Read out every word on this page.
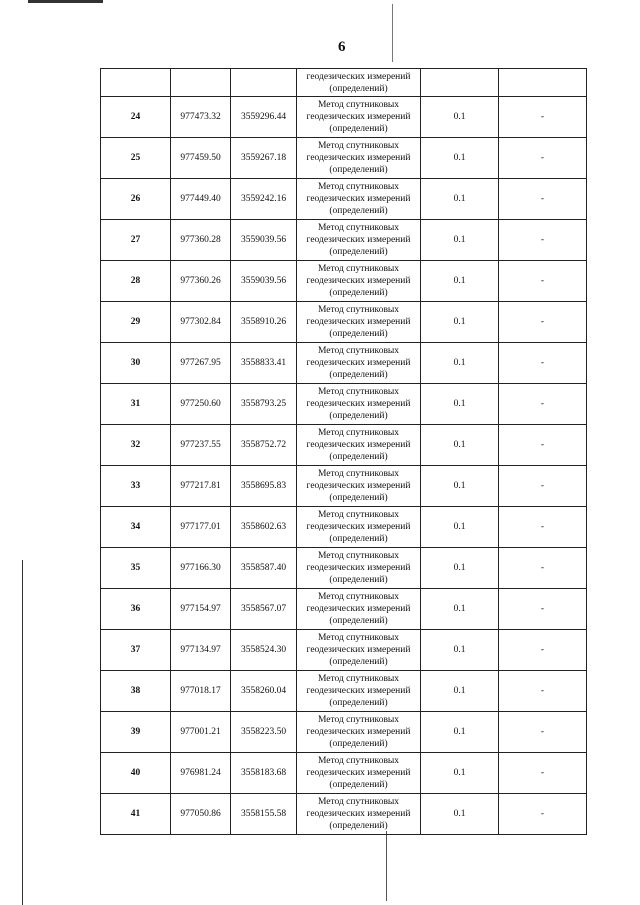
6

			геодезических измерений
(определений)		

24	977473.32	3559296.44	Метод спутниковых
геодезических измерений
(определений)	0.1	-
25	977459.50	3559267.18	Метод спутниковых
геодезических измерений
(определений)	0.1	-
26	977449.40	3559242.16	Метод спутниковых
геодезических измерений
(определений)	0.1	-
27	977360.28	3559039.56	Метод спутниковых
геодезических измерений
(определений)	0.1	-
28	977360.26	3559039.56	Метод спутниковых
геодезических измерений
(определений)	0.1	-
29	977302.84	3558910.26	Метод спутниковых
геодезических измерений
(определений)	0.1	-
30	977267.95	3558833.41	Метод спутниковых
геодезических измерений
(определений)	0.1	-
31	977250.60	3558793.25	Метод спутниковых
геодезических измерений
(определений)	0.1	-
32	977237.55	3558752.72	Метод спутниковых
геодезических измерений
(определений)	0.1	-
33	977217.81	3558695.83	Метод спутниковых
геодезических измерений
(определений)	0.1	-
34	977177.01	3558602.63	Метод спутниковых
геодезических измерений
(определений)	0.1	-
35	977166.30	3558587.40	Метод спутниковых
геодезических измерений
(определений)	0.1	-
36	977154.97	3558567.07	Метод спутниковых
геодезических измерений
(определений)	0.1	-
37	977134.97	3558524.30	Метод спутниковых
геодезических измерений
(определений)	0.1	-
38	977018.17	3558260.04	Метод спутниковых
геодезических измерений
(определений)	0.1	-
39	977001.21	3558223.50	Метод спутниковых
геодезических измерений
(определений)	0.1	-
40	976981.24	3558183.68	Метод спутниковых
геодезических измерений
(определений)	0.1	-
41	977050.86	3558155.58	Метод спутниковых
геодезических измерений
(определений)	0.1	-
